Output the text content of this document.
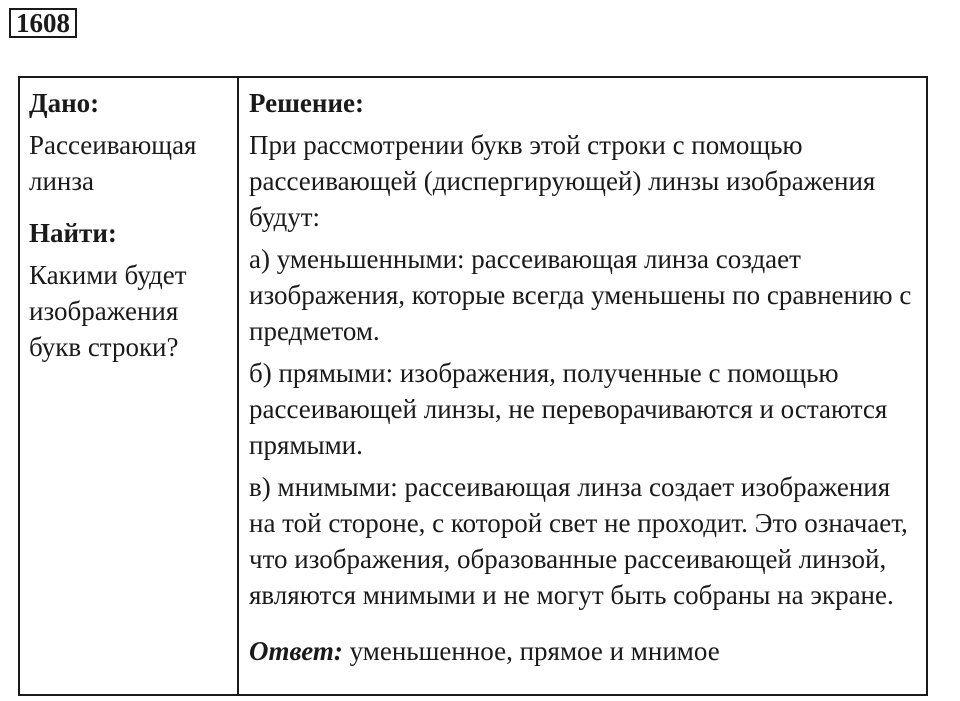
1608
Дано:
Рассеивающая линза
Найти:
Какими будет изображения букв строки?
Решение:
При рассмотрении букв этой строки с помощью рассеивающей (диспергирующей) линзы изображения будут:
а) уменьшенными: рассеивающая линза создает изображения, которые всегда уменьшены по сравнению с предметом.
б) прямыми: изображения, полученные с помощью рассеивающей линзы, не переворачиваются и остаются прямыми.
в) мнимыми: рассеивающая линза создает изображения на той стороне, с которой свет не проходит. Это означает, что изображения, образованные рассеивающей линзой, являются мнимыми и не могут быть собраны на экране.
Ответ: уменьшенное, прямое и мнимое
